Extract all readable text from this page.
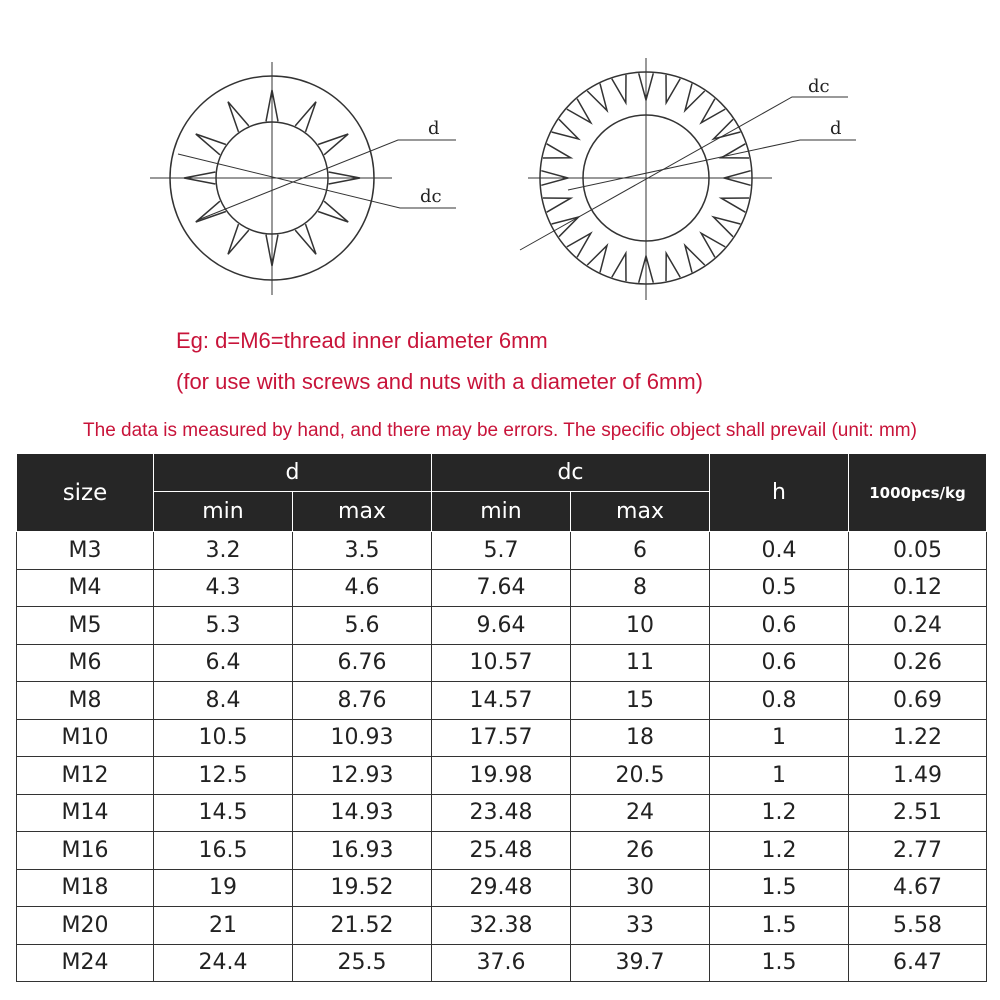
d
dc
dc
d
Eg: d=M6=thread inner diameter 6mm
(for use with screws and nuts with a diameter of 6mm)
The data is measured by hand, and there may be errors. The specific object shall prevail (unit: mm)
size	d		dc		h	1000pcs/kg
	min	max	min	max		
M3	3.2	3.5	5.7	6	0.4	0.05
M4	4.3	4.6	7.64	8	0.5	0.12
M5	5.3	5.6	9.64	10	0.6	0.24
M6	6.4	6.76	10.57	11	0.6	0.26
M8	8.4	8.76	14.57	15	0.8	0.69
M10	10.5	10.93	17.57	18	1	1.22
M12	12.5	12.93	19.98	20.5	1	1.49
M14	14.5	14.93	23.48	24	1.2	2.51
M16	16.5	16.93	25.48	26	1.2	2.77
M18	19	19.52	29.48	30	1.5	4.67
M20	21	21.52	32.38	33	1.5	5.58
M24	24.4	25.5	37.6	39.7	1.5	6.47
